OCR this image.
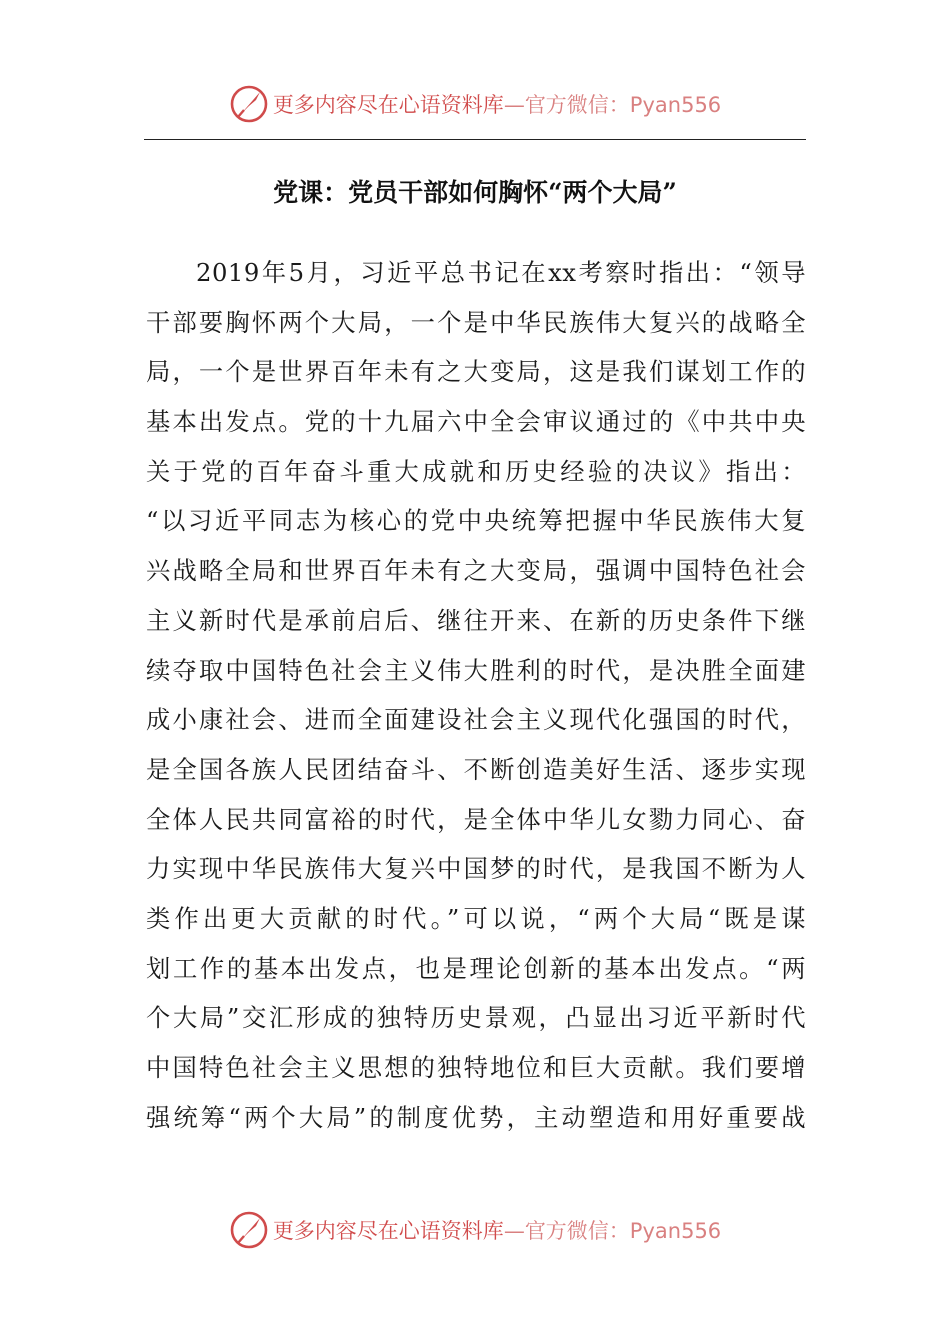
更多内容尽在心语资料库—官方微信：Pyan556
党课：党员干部如何胸怀“两个大局”
2019年5月，习近平总书记在xx考察时指出：“领导
干部要胸怀两个大局，一个是中华民族伟大复兴的战略全
局，一个是世界百年未有之大变局，这是我们谋划工作的
基本出发点。党的十九届六中全会审议通过的《中共中央
关于党的百年奋斗重大成就和历史经验的决议》指出：
“以习近平同志为核心的党中央统筹把握中华民族伟大复
兴战略全局和世界百年未有之大变局，强调中国特色社会
主义新时代是承前启后、继往开来、在新的历史条件下继
续夺取中国特色社会主义伟大胜利的时代，是决胜全面建
成小康社会、进而全面建设社会主义现代化强国的时代，
是全国各族人民团结奋斗、不断创造美好生活、逐步实现
全体人民共同富裕的时代，是全体中华儿女勠力同心、奋
力实现中华民族伟大复兴中国梦的时代，是我国不断为人
类作出更大贡献的时代。”可以说，“两个大局“既是谋
划工作的基本出发点，也是理论创新的基本出发点。“两
个大局”交汇形成的独特历史景观，凸显出习近平新时代
中国特色社会主义思想的独特地位和巨大贡献。我们要增
强统筹“两个大局”的制度优势，主动塑造和用好重要战
更多内容尽在心语资料库—官方微信：Pyan556
